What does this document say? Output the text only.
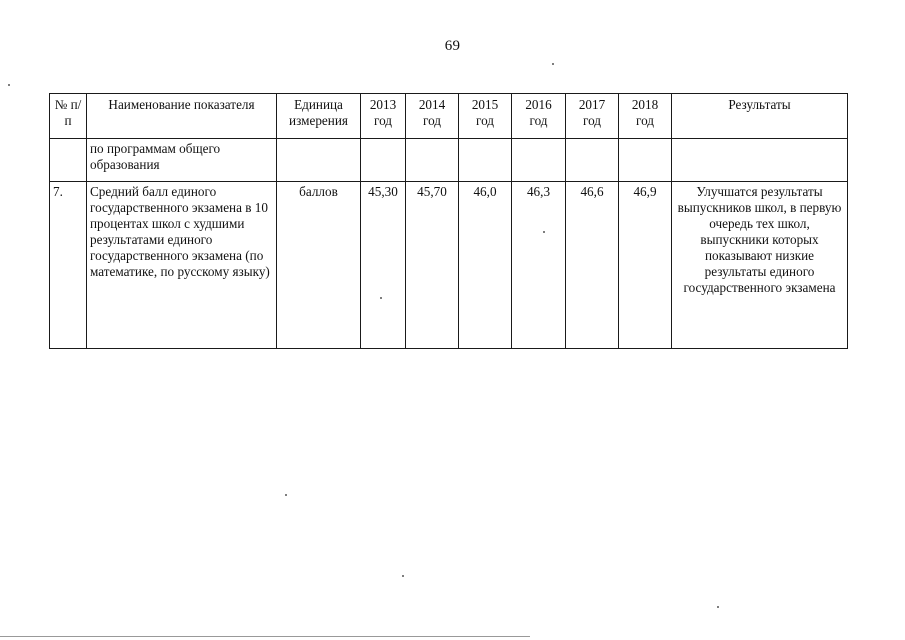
69
№ п/п	Наименование показателя	Единица измерения	2013 год	2014 год	2015 год	2016 год	2017 год	2018 год	Результаты
	по программам общего образования								
7.	Средний балл единого государственного экзамена в 10 процентах школ с худшими результатами единого государственного экзамена (по математике, по русскому языку)	баллов	45,30	45,70	46,0	46,3	46,6	46,9	Улучшатся результаты выпускников школ, в первую очередь тех школ, выпускники которых показывают низкие результаты единого государственного экзамена
